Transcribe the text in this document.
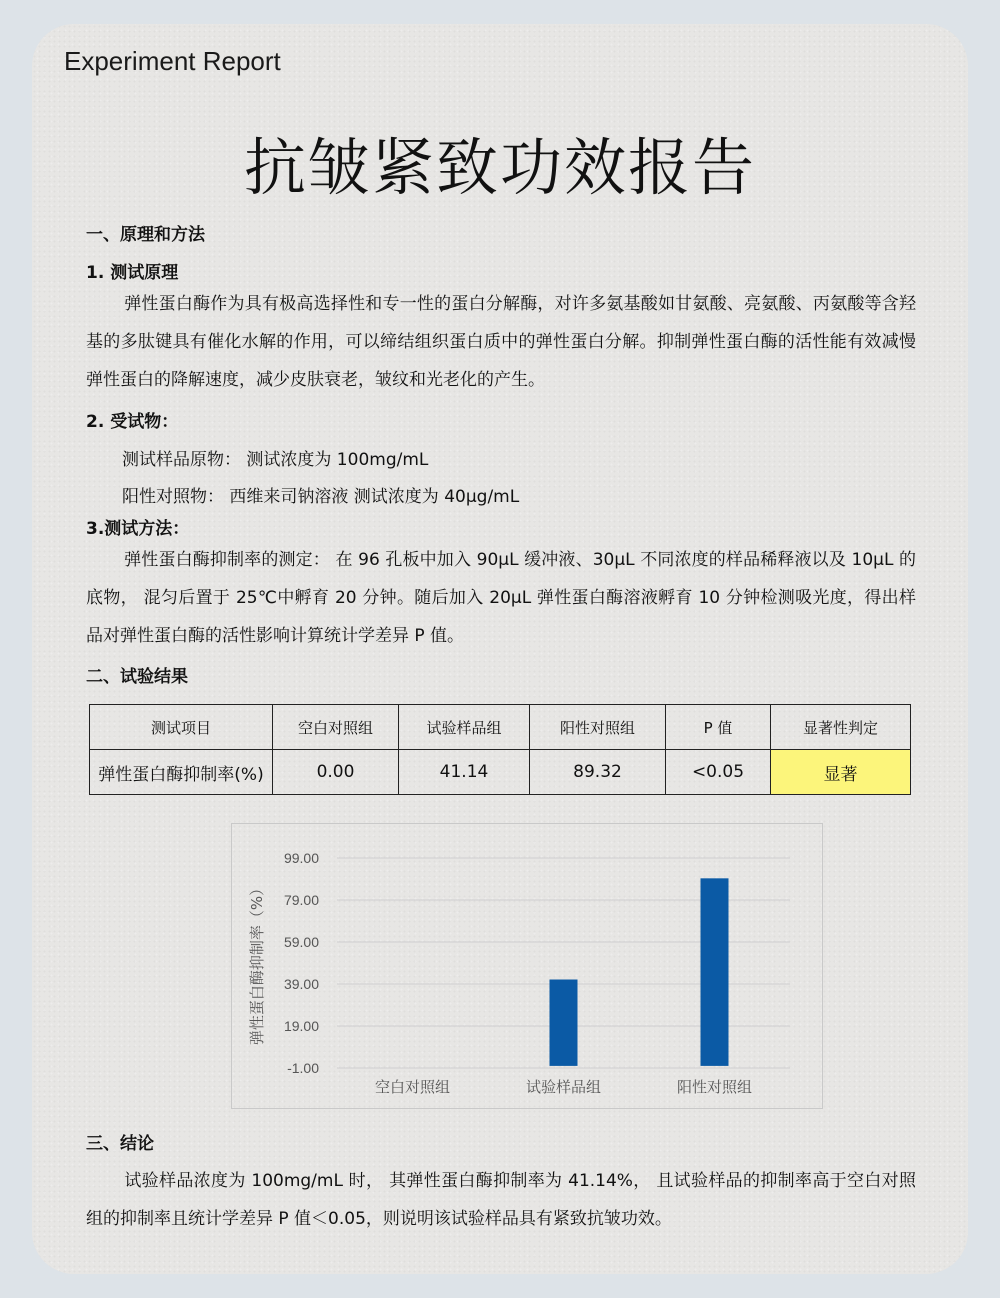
Experiment Report
抗皱紧致功效报告
一、原理和方法
1. 测试原理
弹性蛋白酶作为具有极高选择性和专一性的蛋白分解酶，对许多氨基酸如甘氨酸、亮氨酸、丙氨酸等含羟基的多肽键具有催化水解的作用，可以缔结组织蛋白质中的弹性蛋白分解。抑制弹性蛋白酶的活性能有效减慢弹性蛋白的降解速度，减少皮肤衰老，皱纹和光老化的产生。
2. 受试物：
测试样品原物： 测试浓度为 100mg/mL
阳性对照物： 西维来司钠溶液 测试浓度为 40μg/mL
3.测试方法：
弹性蛋白酶抑制率的测定： 在 96 孔板中加入 90μL 缓冲液、30μL 不同浓度的样品稀释液以及 10μL 的 底物， 混匀后置于 25℃中孵育 20 分钟。随后加入 20μL 弹性蛋白酶溶液孵育 10 分钟检测吸光度，得出样品对弹性蛋白酶的活性影响计算统计学差异 P 值。
二、试验结果
测试项目	空白对照组	试验样品组	阳性对照组	P 值	显著性判定
弹性蛋白酶抑制率(%)	0.00	41.14	89.32	<0.05	显著
99.00
79.00
59.00
39.00
19.00
-1.00
空白对照组	试验样品组	阳性对照组
弹性蛋白酶抑制率（%）
三、结论
试验样品浓度为 100mg/mL 时， 其弹性蛋白酶抑制率为 41.14%， 且试验样品的抑制率高于空白对照组的抑制率且统计学差异 P 值＜0.05，则说明该试验样品具有紧致抗皱功效。
